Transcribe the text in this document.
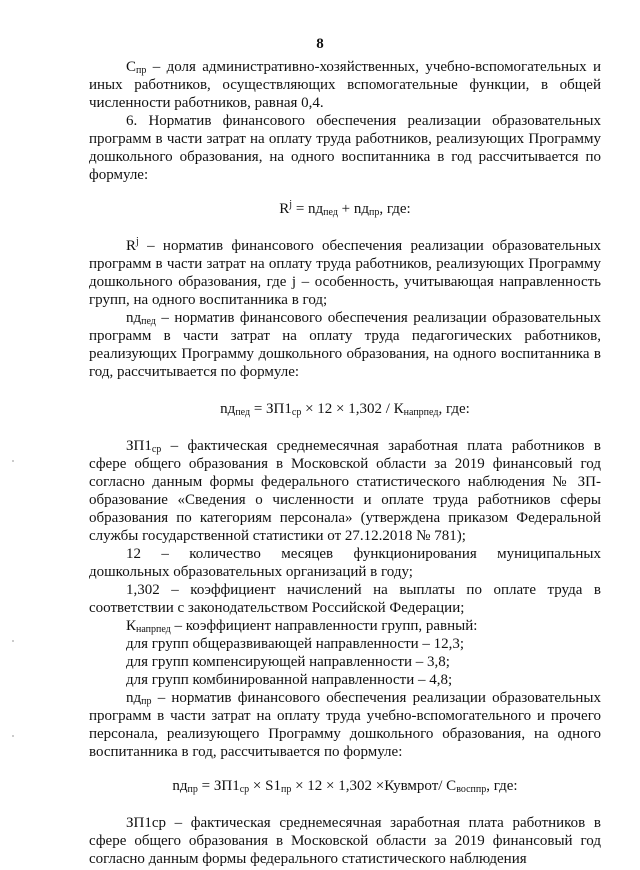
8

$С_{пр}$ – доля административно-хозяйственных, учебно-вспомогательных и иных работников, осуществляющих вспомогательные функции, в общей численности работников, равная 0,4.

6. Норматив финансового обеспечения реализации образовательных программ в части затрат на оплату труда работников, реализующих Программу дошкольного образования, на одного воспитанника в год рассчитывается по формуле:

$R^j = nд_{пед} + nд_{пр}$, где:

$R^j$ – норматив финансового обеспечения реализации образовательных программ в части затрат на оплату труда работников, реализующих Программу дошкольного образования, где j – особенность, учитывающая направленность групп, на одного воспитанника в год;

$nд_{пед}$ – норматив финансового обеспечения реализации образовательных программ в части затрат на оплату труда педагогических работников, реализующих Программу дошкольного образования, на одного воспитанника в год, рассчитывается по формуле:

$nд_{пед} = ЗП1_{ср} \times 12 \times 1,302 / К_{напрпед}$, где:

$ЗП1_{ср}$ – фактическая среднемесячная заработная плата работников в сфере общего образования в Московской области за 2019 финансовый год согласно данным формы федерального статистического наблюдения № ЗП-образование «Сведения о численности и оплате труда работников сферы образования по категориям персонала» (утверждена приказом Федеральной службы государственной статистики от 27.12.2018 № 781);

12 – количество месяцев функционирования муниципальных дошкольных образовательных организаций в году;

1,302 – коэффициент начислений на выплаты по оплате труда в соответствии с законодательством Российской Федерации;

$К_{напрпед}$ – коэффициент направленности групп, равный:

для групп общеразвивающей направленности – 12,3;

для групп компенсирующей направленности – 3,8;

для групп комбинированной направленности – 4,8;

$nд_{пр}$ – норматив финансового обеспечения реализации образовательных программ в части затрат на оплату труда учебно-вспомогательного и прочего персонала, реализующего Программу дошкольного образования, на одного воспитанника в год, рассчитывается по формуле:

$nд_{пр} = ЗП1_{ср} \times S1_{пр} \times 12 \times 1,302$ ×Кувмрот/ $С_{восппр}$, где:

ЗП1ср – фактическая среднемесячная заработная плата работников в сфере общего образования в Московской области за 2019 финансовый год согласно данным формы федерального статистического наблюдения
